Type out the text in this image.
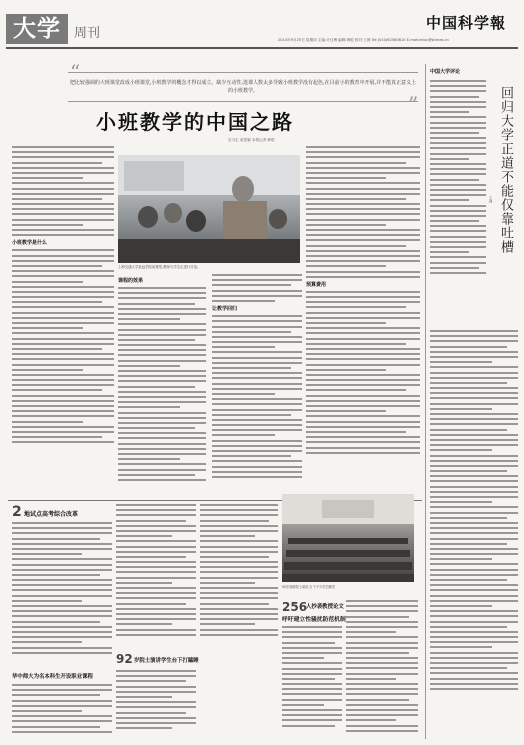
大学	周刊
中国科学報
2014年9月25日 星期四 主编:计红梅 编辑:韩琨 校对:王海 Tel:(010)62580615 E-mail:educ@stimes.cn
“
把比较强调的大班课堂改成小班课堂,小班教学的概念才得以成立。缺少互动性,选课人数太多导致小班教学没有起色,在目前小的教育中开展,并不能真正意义上的小班教学。
”
小班教学的中国之路
实习生 姜思颖 本报记者 韩琨
小班教学是什么
上海交通大学致远学院某课堂,教师与学生正进行讨论。
课程的效果
让教学回归
预算费用
中国大学评论
回归大学正道不能仅靠吐槽
王城
2 地试点高考综合改革
华中师大为名本科生开设职业课程
92 岁院士演讲学生台下打瞌睡
92岁高龄院士演讲,台下不少学生睡觉
256
人抄袭教授论文
呼吁建立性骚扰防范机制
